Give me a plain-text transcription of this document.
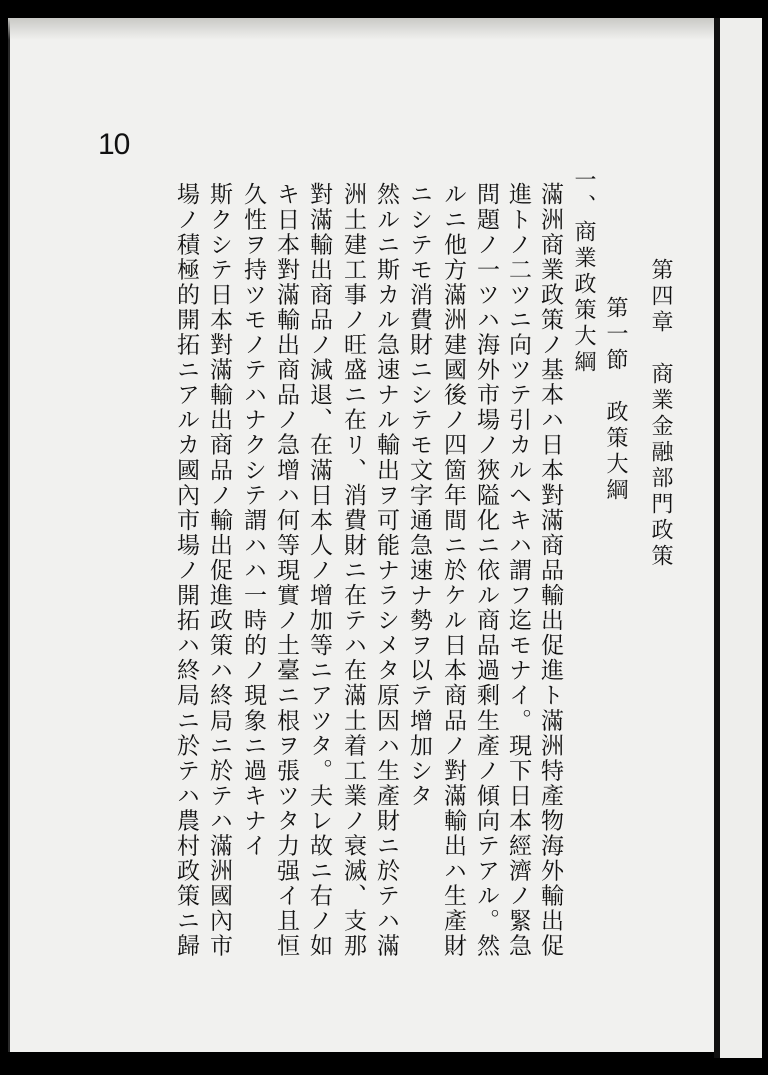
10
第四章　商業金融部門政策
第一節　政策大綱
一、商業政策大綱
滿洲商業政策ノ基本ハ日本對滿商品輸出促進ト滿洲特產物海外輸出促
進トノ二ツニ向ツテ引カルヘキハ謂フ迄モナイ。現下日本經濟ノ緊急
問題ノ一ツハ海外市場ノ狹隘化ニ依ル商品過剩生產ノ傾向テアル。然
ルニ他方滿洲建國後ノ四箇年間ニ於ケル日本商品ノ對滿輸出ハ生產財
ニシテモ消費財ニシテモ文字通急速ナ勢ヲ以テ增加シタ
然ルニ斯カル急速ナル輸出ヲ可能ナラシメタ原因ハ生產財ニ於テハ滿
洲土建工事ノ旺盛ニ在リ、消費財ニ在テハ在滿土着工業ノ衰滅、支那
對滿輸出商品ノ減退、在滿日本人ノ增加等ニアツタ。夫レ故ニ右ノ如
キ日本對滿輸出商品ノ急增ハ何等現實ノ土臺ニ根ヲ張ツタ力强イ且恒
久性ヲ持ツモノテハナクシテ謂ハハ一時的ノ現象ニ過キナイ
斯クシテ日本對滿輸出商品ノ輸出促進政策ハ終局ニ於テハ滿洲國內市
場ノ積極的開拓ニアルカ國內市場ノ開拓ハ終局ニ於テハ農村政策ニ歸
